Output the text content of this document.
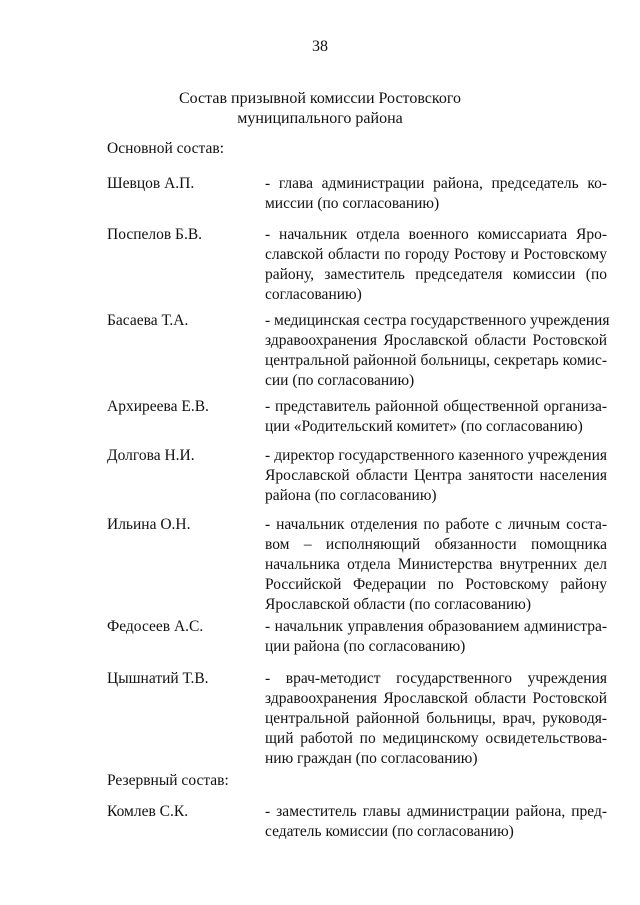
38
Состав призывной комиссии Ростовского
муниципального района
Основной состав:
Шевцов А.П.	- глава администрации района, председатель ко-
миссии (по согласованию)
Поспелов Б.В.	- начальник отдела военного комиссариата Яро-
славской области по городу Ростову и Ростовскому
району, заместитель председателя комиссии (по
согласованию)
Басаева Т.А.	- медицинская сестра государственного учреждения
здравоохранения Ярославской области Ростовской
центральной районной больницы, секретарь комис-
сии (по согласованию)
Архиреева Е.В.	- представитель районной общественной организа-
ции «Родительский комитет» (по согласованию)
Долгова Н.И.	- директор государственного казенного учреждения
Ярославской области Центра занятости населения
района (по согласованию)
Ильина О.Н.	- начальник отделения по работе с личным соста-
вом – исполняющий обязанности помощника
начальника отдела Министерства внутренних дел
Российской Федерации по Ростовскому району
Ярославской области (по согласованию)
Федосеев А.С.	- начальник управления образованием администра-
ции района (по согласованию)
Цышнатий Т.В.	- врач-методист государственного учреждения
здравоохранения Ярославской области Ростовской
центральной районной больницы, врач, руководя-
щий работой по медицинскому освидетельствова-
нию граждан (по согласованию)
Резервный состав:
Комлев С.К.	- заместитель главы администрации района, пред-
седатель комиссии (по согласованию)
